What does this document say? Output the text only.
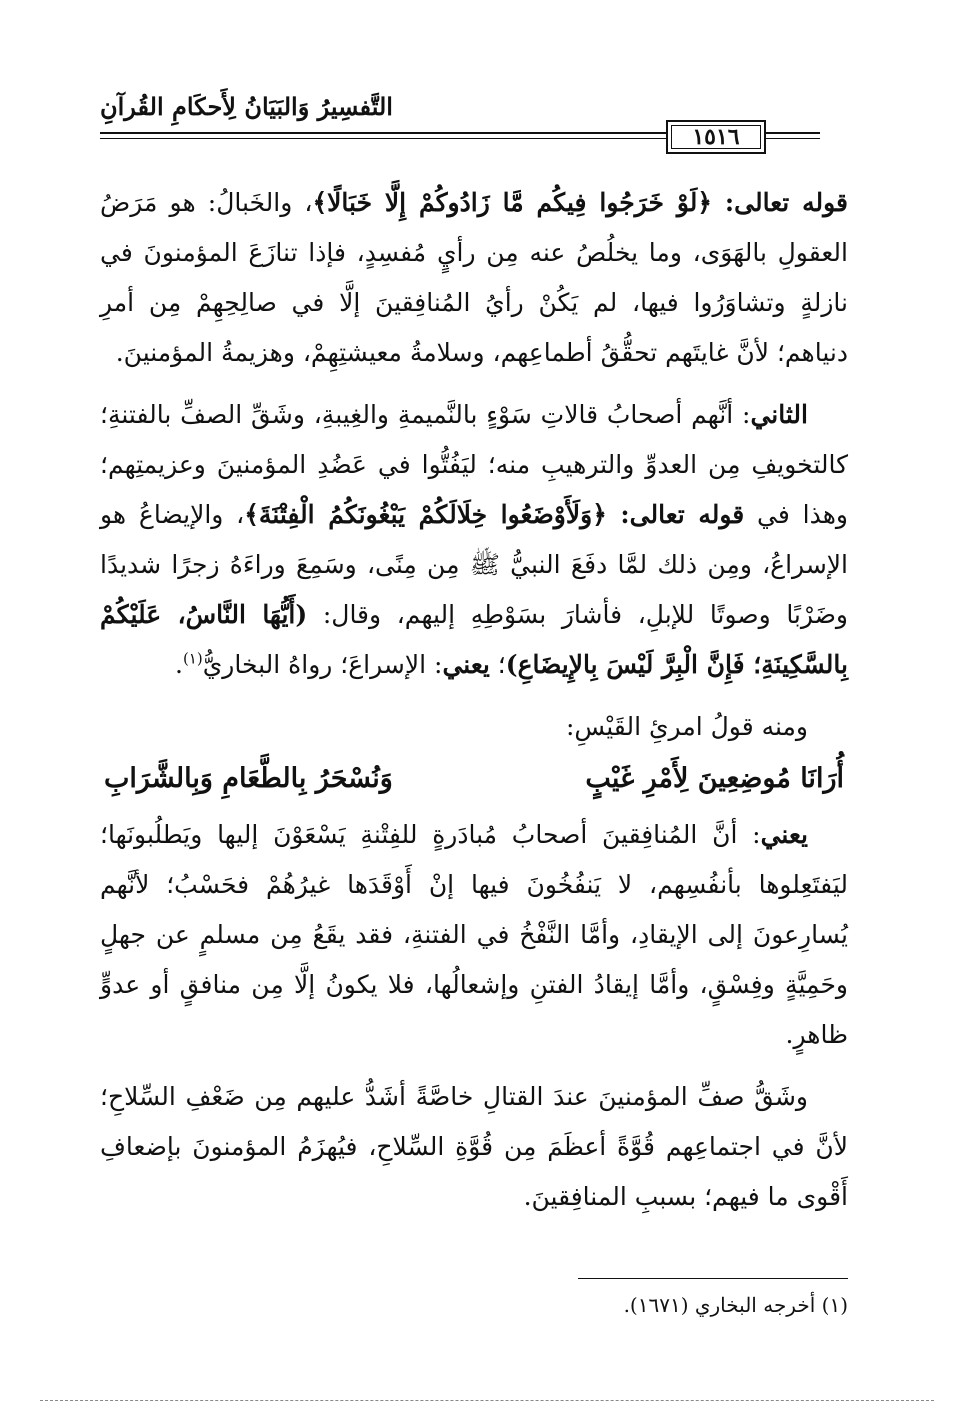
التَّفسِيرُ وَالبَيَانُ لِأَحكَامِ القُرآنِ
١٥١٦

قوله تعالى: ﴿لَوْ خَرَجُوا فِيكُم مَّا زَادُوكُمْ إِلَّا خَبَالًا﴾، والخَبالُ: هو مَرَضُ العقولِ بالهَوَى، وما يخلُصُ عنه مِن رأيٍ مُفسِدٍ، فإذا تنازَعَ المؤمنونَ في نازلةٍ وتشاوَرُوا فيها، لم يَكُنْ رأيُ المُنافِقينَ إلَّا في صالِحِهِمْ مِن أمرِ دنياهم؛ لأنَّ غايتَهم تحقُّقُ أطماعِهم، وسلامةُ معيشتِهِمْ، وهزيمةُ المؤمنينَ.

الثاني: أنَّهم أصحابُ قالاتِ سَوْءٍ بالنَّميمةِ والغِيبةِ، وشَقِّ الصفِّ بالفتنةِ؛ كالتخويفِ مِن العدوِّ والترهيبِ منه؛ ليَفُتُّوا في عَضُدِ المؤمنينَ وعزيمتِهم؛ وهذا في قوله تعالى: ﴿وَلَأَوْضَعُوا خِلَالَكُمْ يَبْغُونَكُمُ الْفِتْنَةَ﴾، والإيضاعُ هو الإسراعُ، ومِن ذلك لمَّا دفَعَ النبيُّ ﷺ مِن مِنًى، وسَمِعَ وراءَهُ زجرًا شديدًا وضَرْبًا وصوتًا للإبلِ، فأشارَ بسَوْطِهِ إليهم، وقال: (أَيُّهَا النَّاسُ، عَلَيْكُمْ بِالسَّكِينَةِ؛ فَإِنَّ الْبِرَّ لَيْسَ بِالإِيضَاعِ)؛ يعني: الإسراعَ؛ رواهُ البخاريُّ$^{(١)}$.

ومنه قولُ امرئِ القَيْسِ:

أُرَانَا مُوضِعِينَ لِأَمْرِ غَيْبٍ
وَنُسْحَرُ بِالطَّعَامِ وَبِالشَّرَابِ

يعني: أنَّ المُنافِقينَ أصحابُ مُبادَرةٍ للفِتْنةِ يَسْعَوْنَ إليها ويَطلُبونَها؛ ليَفتَعِلوها بأنفُسِهم، لا يَنفُخُونَ فيها إنْ أَوْقَدَها غيرُهُمْ فحَسْبُ؛ لأنَّهم يُسارِعونَ إلى الإيقادِ، وأمَّا النَّفْخُ في الفتنةِ، فقد يقَعُ مِن مسلمٍ عن جهلٍ وحَمِيَّةٍ وفِسْقٍ، وأمَّا إيقادُ الفتنِ وإشعالُها، فلا يكونُ إلَّا مِن منافقٍ أو عدوٍّ ظاهرٍ.

وشَقُّ صفِّ المؤمنينَ عندَ القتالِ خاصَّةً أشَدُّ عليهم مِن ضَعْفِ السِّلاحِ؛ لأنَّ في اجتماعِهم قُوَّةً أعظَمَ مِن قُوَّةِ السِّلاحِ، فيُهزَمُ المؤمنونَ بإضعافِ أَقْوى ما فيهم؛ بسببِ المنافِقينَ.

(١) أخرجه البخاري (١٦٧١).
